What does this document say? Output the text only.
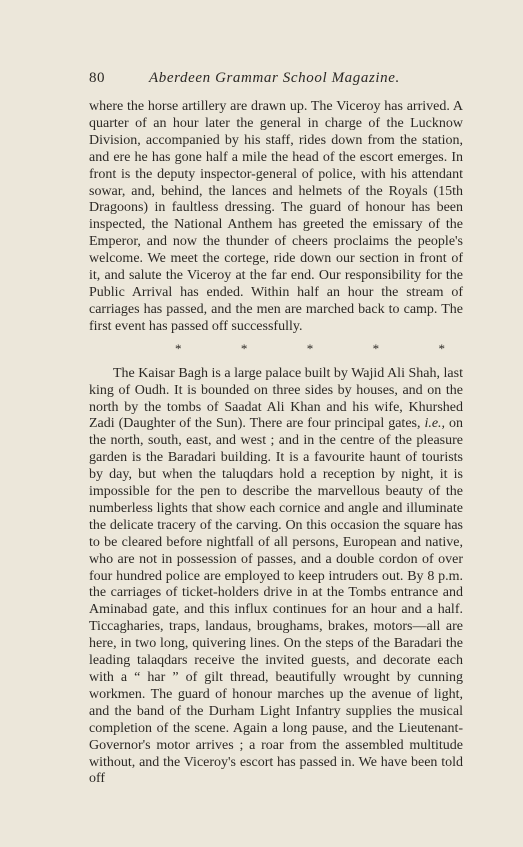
80	Aberdeen Grammar School Magazine.

where the horse artillery are drawn up. The Viceroy has arrived. A quarter of an hour later the general in charge of the Lucknow Division, accompanied by his staff, rides down from the station, and ere he has gone half a mile the head of the escort emerges. In front is the deputy inspector-general of police, with his attendant sowar, and, behind, the lances and helmets of the Royals (15th Dragoons) in faultless dressing. The guard of honour has been inspected, the National Anthem has greeted the emissary of the Emperor, and now the thunder of cheers proclaims the people's welcome. We meet the cortege, ride down our section in front of it, and salute the Viceroy at the far end. Our responsibility for the Public Arrival has ended. Within half an hour the stream of carriages has passed, and the men are marched back to camp. The first event has passed off successfully.

*	*	*	*	*

The Kaisar Bagh is a large palace built by Wajid Ali Shah, last king of Oudh. It is bounded on three sides by houses, and on the north by the tombs of Saadat Ali Khan and his wife, Khurshed Zadi (Daughter of the Sun). There are four principal gates, i.e., on the north, south, east, and west ; and in the centre of the pleasure garden is the Baradari building. It is a favourite haunt of tourists by day, but when the taluqdars hold a reception by night, it is impossible for the pen to describe the marvellous beauty of the numberless lights that show each cornice and angle and illuminate the delicate tracery of the carving. On this occasion the square has to be cleared before nightfall of all persons, European and native, who are not in possession of passes, and a double cordon of over four hundred police are employed to keep intruders out. By 8 p.m. the carriages of ticket-holders drive in at the Tombs entrance and Aminabad gate, and this influx continues for an hour and a half. Ticcagharies, traps, landaus, broughams, brakes, motors—all are here, in two long, quivering lines. On the steps of the Baradari the leading talaqdars receive the invited guests, and decorate each with a “ har ” of gilt thread, beautifully wrought by cunning workmen. The guard of honour marches up the avenue of light, and the band of the Durham Light Infantry supplies the musical completion of the scene. Again a long pause, and the Lieutenant-Governor's motor arrives ; a roar from the assembled multitude without, and the Viceroy's escort has passed in. We have been told off
